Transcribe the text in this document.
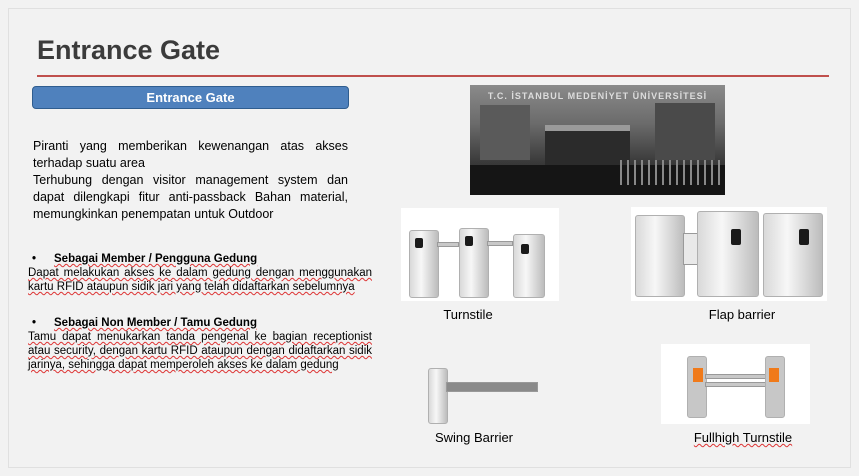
Entrance Gate
Entrance Gate

Piranti yang memberikan kewenangan atas akses terhadap suatu area

Terhubung dengan visitor management system dan dapat dilengkapi fitur anti-passback Bahan material, memungkinkan penempatan untuk Outdoor

• Sebagai Member / Pengguna Gedung
Dapat melakukan akses ke dalam gedung dengan menggunakan kartu RFID ataupun sidik jari yang telah didaftarkan sebelumnya
• Sebagai Non Member / Tamu Gedung
Tamu dapat menukarkan tanda pengenal ke bagian receptionist atau security, dengan kartu RFID ataupun dengan didaftarkan sidik jarinya, sehingga dapat memperoleh akses ke dalam gedung
T.C. İSTANBUL MEDENİYET ÜNİVERSİTESİ
Turnstile	Flap barrier
Swing Barrier	Fullhigh Turnstile
